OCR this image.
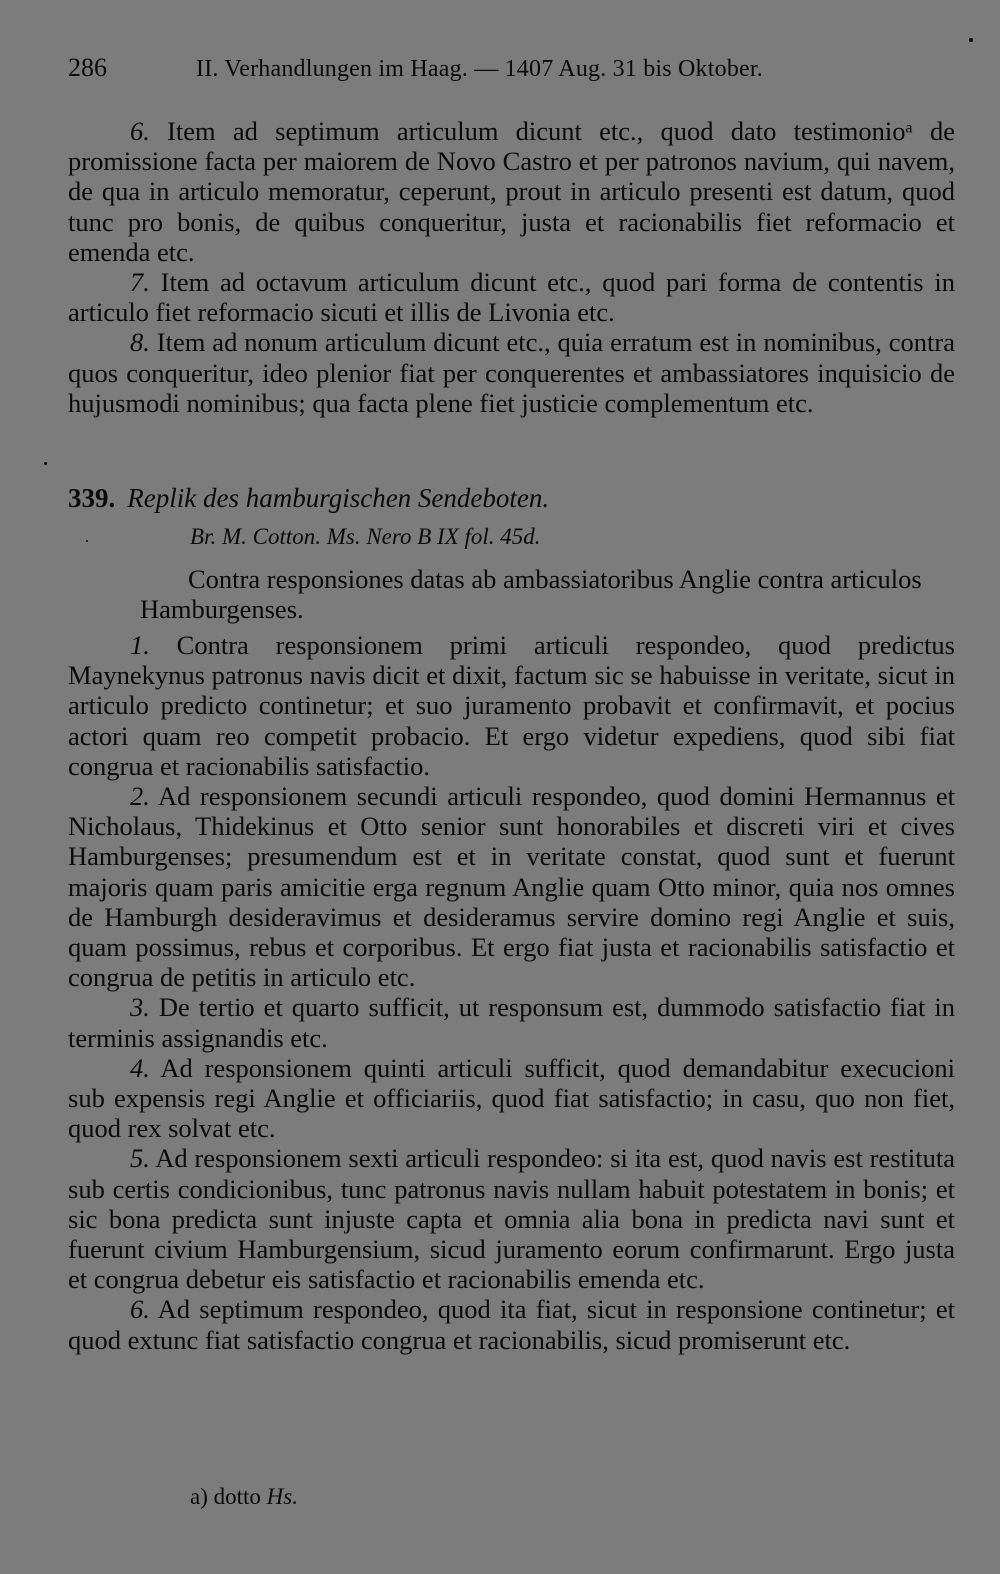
286	II. Verhandlungen im Haag. — 1407 Aug. 31 bis Oktober.

6. Item ad septimum articulum dicunt etc., quod dato testimonioᵃ de promissione facta per maiorem de Novo Castro et per patronos navium, qui navem, de qua in articulo memoratur, ceperunt, prout in articulo presenti est datum, quod tunc pro bonis, de quibus conqueritur, justa et racionabilis fiet reformacio et emenda etc.

7. Item ad octavum articulum dicunt etc., quod pari forma de contentis in articulo fiet reformacio sicuti et illis de Livonia etc.

8. Item ad nonum articulum dicunt etc., quia erratum est in nominibus, contra quos conqueritur, ideo plenior fiat per conquerentes et ambassiatores inquisicio de hujusmodi nominibus; qua facta plene fiet justicie complementum etc.

339. Replik des hamburgischen Sendeboten.
Br. M. Cotton. Ms. Nero B IX fol. 45d.

Contra responsiones datas ab ambassiatoribus Anglie contra articulos Hamburgenses.

1. Contra responsionem primi articuli respondeo, quod predictus Maynekynus patronus navis dicit et dixit, factum sic se habuisse in veritate, sicut in articulo predicto continetur; et suo juramento probavit et confirmavit, et pocius actori quam reo competit probacio. Et ergo videtur expediens, quod sibi fiat congrua et racionabilis satisfactio.

2. Ad responsionem secundi articuli respondeo, quod domini Hermannus et Nicholaus, Thidekinus et Otto senior sunt honorabiles et discreti viri et cives Hamburgenses; presumendum est et in veritate constat, quod sunt et fuerunt majoris quam paris amicitie erga regnum Anglie quam Otto minor, quia nos omnes de Hamburgh desideravimus et desideramus servire domino regi Anglie et suis, quam possimus, rebus et corporibus. Et ergo fiat justa et racionabilis satisfactio et congrua de petitis in articulo etc.

3. De tertio et quarto sufficit, ut responsum est, dummodo satisfactio fiat in terminis assignandis etc.

4. Ad responsionem quinti articuli sufficit, quod demandabitur execucioni sub expensis regi Anglie et officiariis, quod fiat satisfactio; in casu, quo non fiet, quod rex solvat etc.

5. Ad responsionem sexti articuli respondeo: si ita est, quod navis est restituta sub certis condicionibus, tunc patronus navis nullam habuit potestatem in bonis; et sic bona predicta sunt injuste capta et omnia alia bona in predicta navi sunt et fuerunt civium Hamburgensium, sicud juramento eorum confirmarunt. Ergo justa et congrua debetur eis satisfactio et racionabilis emenda etc.

6. Ad septimum respondeo, quod ita fiat, sicut in responsione continetur; et quod extunc fiat satisfactio congrua et racionabilis, sicud promiserunt etc.

a) dotto Hs.
